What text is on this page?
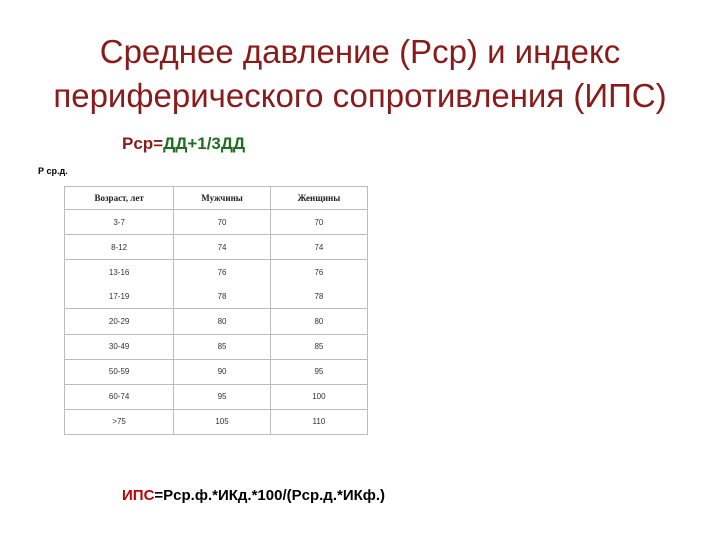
Среднее давление (Рср) и индекс
периферического сопротивления (ИПС)
Рср=ДД+1/3ДД
Р ср.д.
Возраст, лет	Мужчины	Женщины
3-7	70	70
8-12	74	74
13-16	76	76
17-19	78	78
20-29	80	80
30-49	85	85
50-59	90	95
60-74	95	100
>75	105	110
ИПС=Рср.ф.*ИКд.*100/(Рср.д.*ИКф.)
